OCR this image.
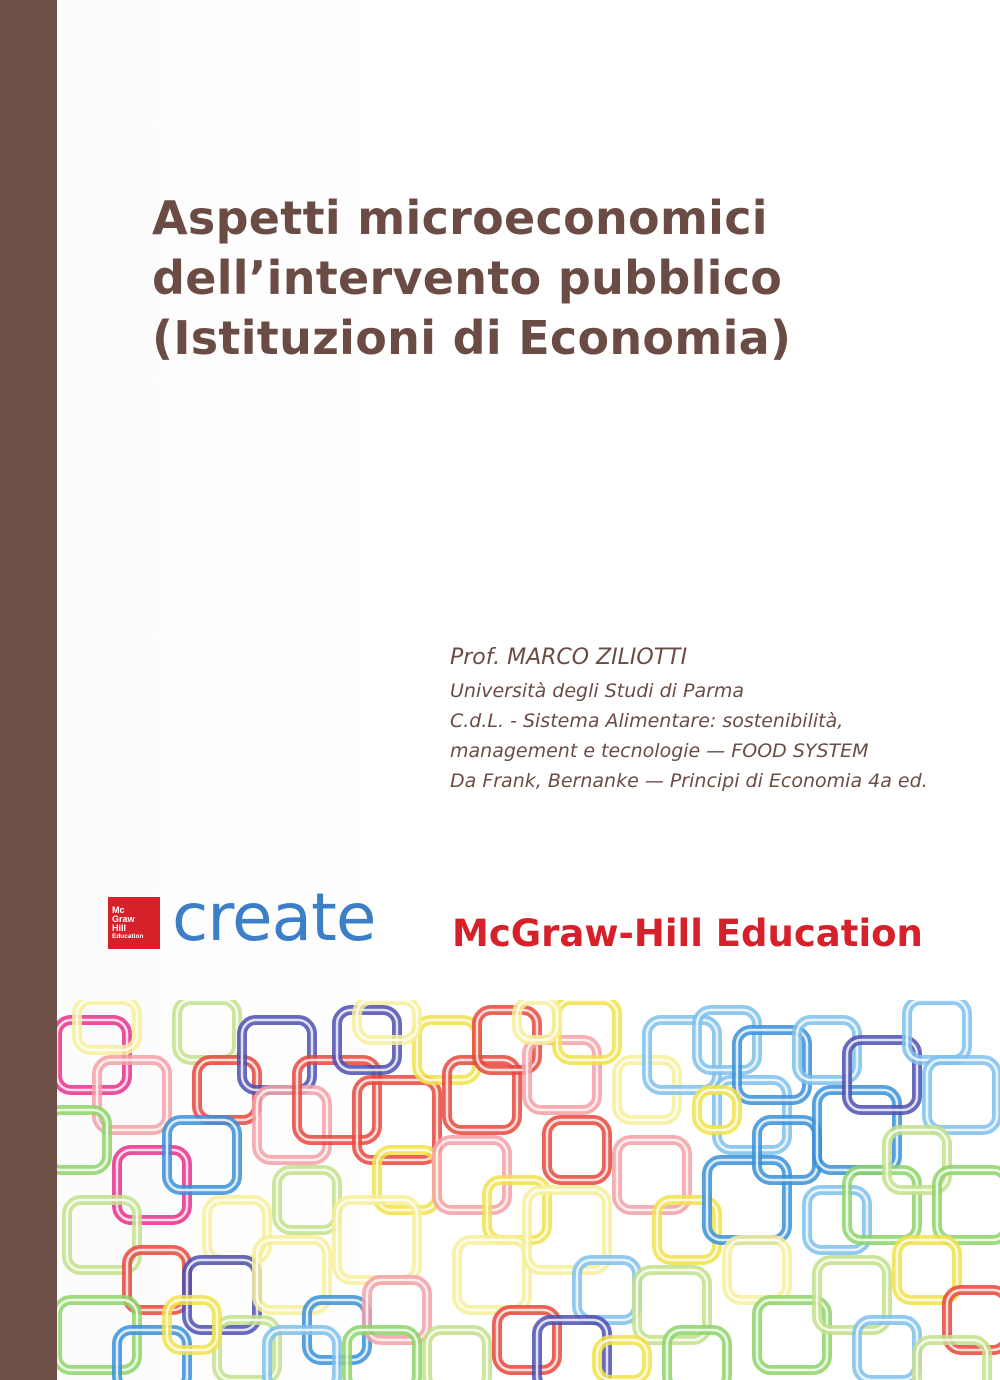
Aspetti microeconomici
dell’intervento pubblico
(Istituzioni di Economia)
Prof. MARCO ZILIOTTI
Università degli Studi di Parma
C.d.L. - Sistema Alimentare: sostenibilità,
management e tecnologie — FOOD SYSTEM
Da Frank, Bernanke — Principi di Economia 4a ed.
Mc
Graw
Hill
Education create McGraw-Hill Education
